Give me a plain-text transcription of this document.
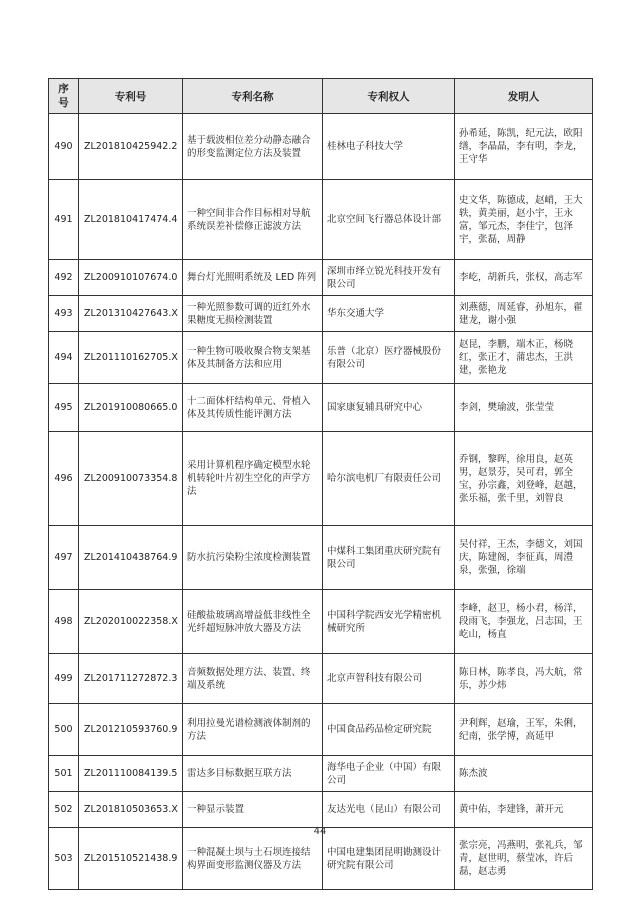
序号	专利号	专利名称	专利权人	发明人
490	ZL201810425942.2	基于载波相位差分动静态融合的形变监测定位方法及装置	桂林电子科技大学	孙希延，陈凯，纪元法，欧阳缮，李晶晶，李有明，李龙，王守华
491	ZL201810417474.4	一种空间非合作目标相对导航系统误差补偿修正滤波方法	北京空间飞行器总体设计部	史文华，陈德成，赵峭，王大轶，黄美丽，赵小宇，王永富，邹元杰，李佳宁，包泽宇，张磊，周静
492	ZL200910107674.0	舞台灯光照明系统及 LED 阵列	深圳市绎立锐光科技开发有限公司	李屹，胡新兵，张权，高志军
493	ZL201310427643.X	一种光照参数可调的近红外水果糖度无损检测装置	华东交通大学	刘燕德，周延睿，孙旭东，翟建龙，谢小强
494	ZL201110162705.X	一种生物可吸收聚合物支架基体及其制备方法和应用	乐普（北京）医疗器械股份有限公司	赵昆，李鹏，端木正，杨晓红，张正才，蒲忠杰，王洪建，张艳龙
495	ZL201910080665.0	十二面体杆结构单元、骨植入体及其传质性能评测方法	国家康复辅具研究中心	李剑，樊瑜波，张莹莹
496	ZL200910073354.8	采用计算机程序确定模型水轮机转轮叶片初生空化的声学方法	哈尔滨电机厂有限责任公司	乔钢，黎晖，徐用良，赵英男，赵景芬，吴可君，郭全宝，孙宗鑫，刘登峰，赵越，张乐福，张千里，刘智良
497	ZL201410438764.9	防水抗污染粉尘浓度检测装置	中煤科工集团重庆研究院有限公司	吴付祥，王杰，李德文，刘国庆，陈建阁，李征真，周澧泉，张强，徐端
498	ZL202010022358.X	硅酸盐玻璃高增益低非线性全光纤超短脉冲放大器及方法	中国科学院西安光学精密机械研究所	李峰，赵卫，杨小君，杨洋，段雨飞，李强龙，吕志国，王屹山，杨直
499	ZL201711272872.3	音频数据处理方法、装置、终端及系统	北京声智科技有限公司	陈日林，陈孝良，冯大航，常乐，苏少炜
500	ZL201210593760.9	利用拉曼光谱检测液体制剂的方法	中国食品药品检定研究院	尹利辉，赵瑜，王军，朱俐，纪南，张学博，高延甲
501	ZL201110084139.5	雷达多目标数据互联方法	海华电子企业（中国）有限公司	陈杰波
502	ZL201810503653.X	一种显示装置	友达光电（昆山）有限公司	黄中佑，李建锋，萧开元
503	ZL201510521438.9	一种混凝土坝与土石坝连接结构界面变形监测仪器及方法	中国电建集团昆明勘测设计研究院有限公司	张宗亮，冯燕明，张礼兵，邹青，赵世明，蔡莹冰，许后磊，赵志勇
44
